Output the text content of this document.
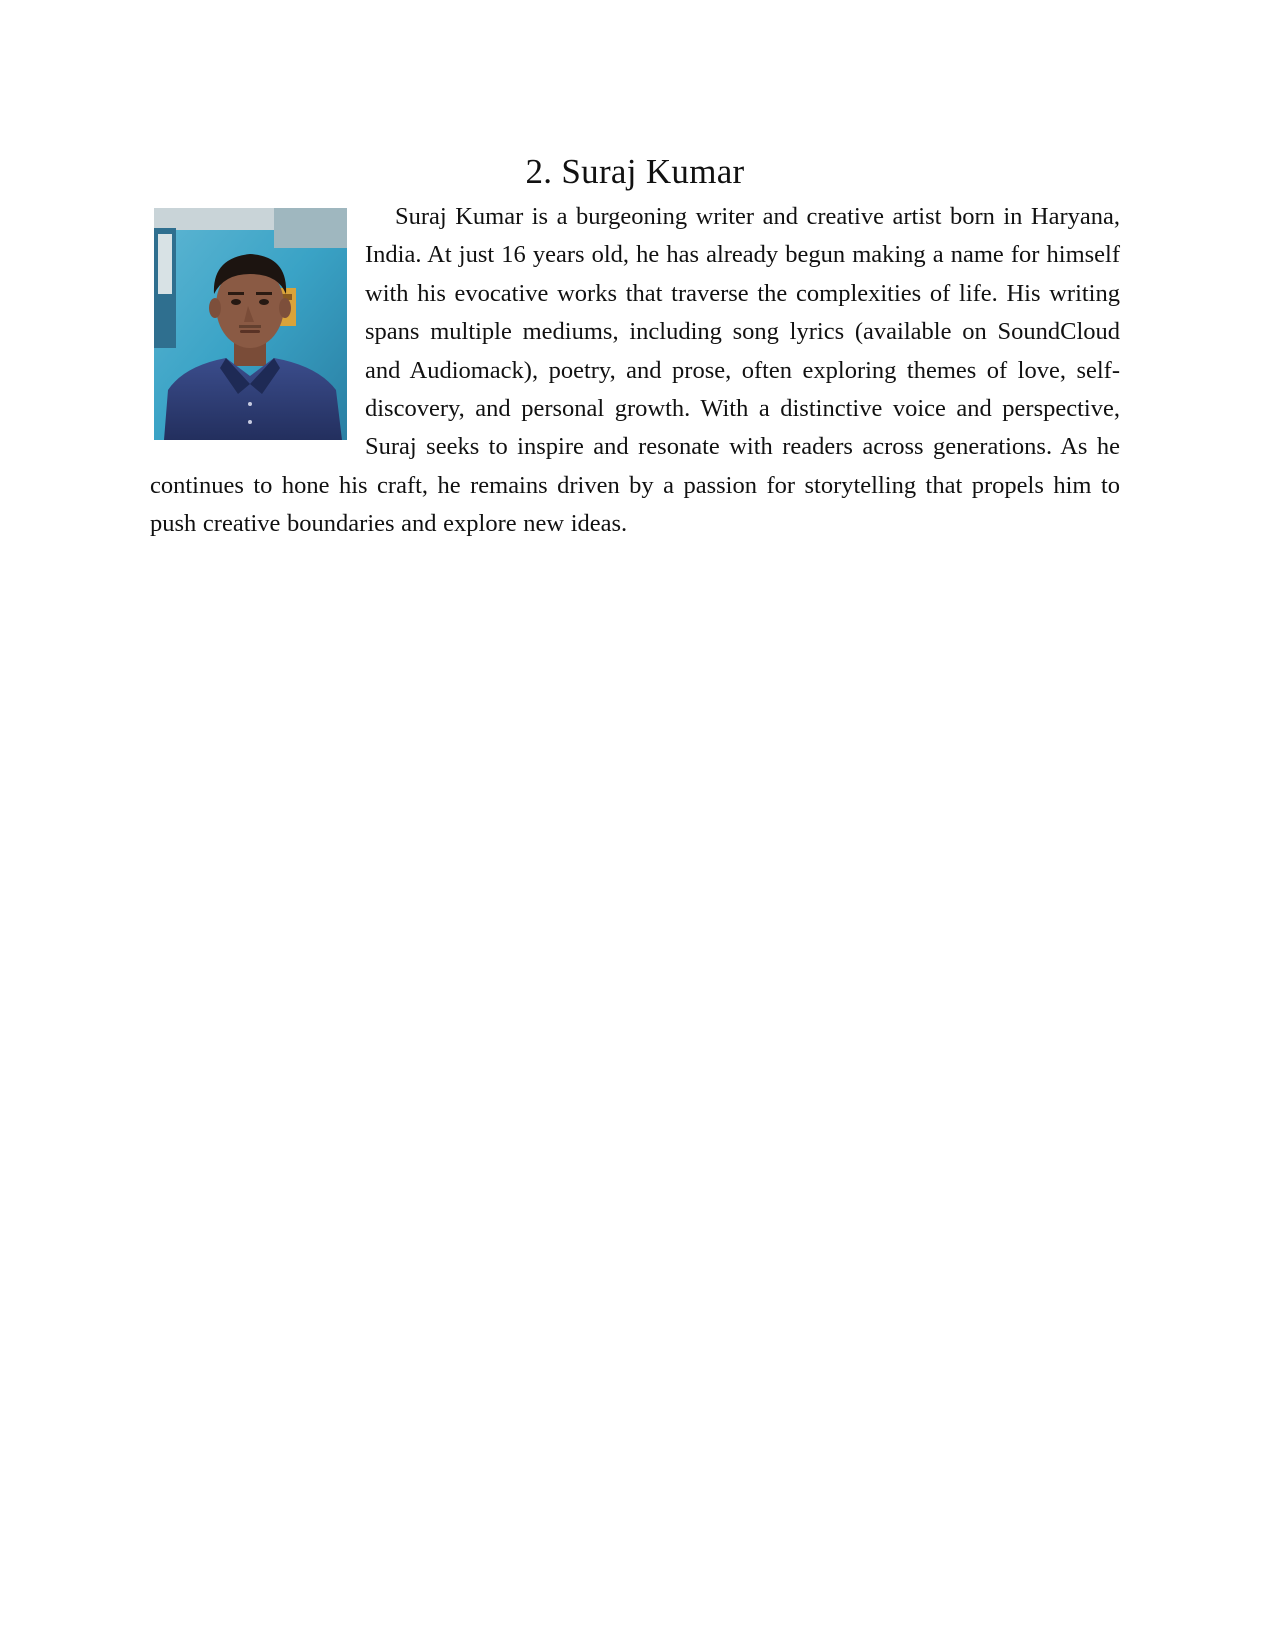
2. Suraj Kumar

Suraj Kumar is a burgeoning writer and creative artist born in Haryana, India. At just 16 years old, he has already begun making a name for himself with his evocative works that traverse the complexities of life. His writing spans multiple mediums, including song lyrics (available on SoundCloud and Audiomack), poetry, and prose, often exploring themes of love, self-discovery, and personal growth. With a distinctive voice and perspective, Suraj seeks to inspire and resonate with readers across generations. As he continues to hone his craft, he remains driven by a passion for storytelling that propels him to push creative boundaries and explore new ideas.
